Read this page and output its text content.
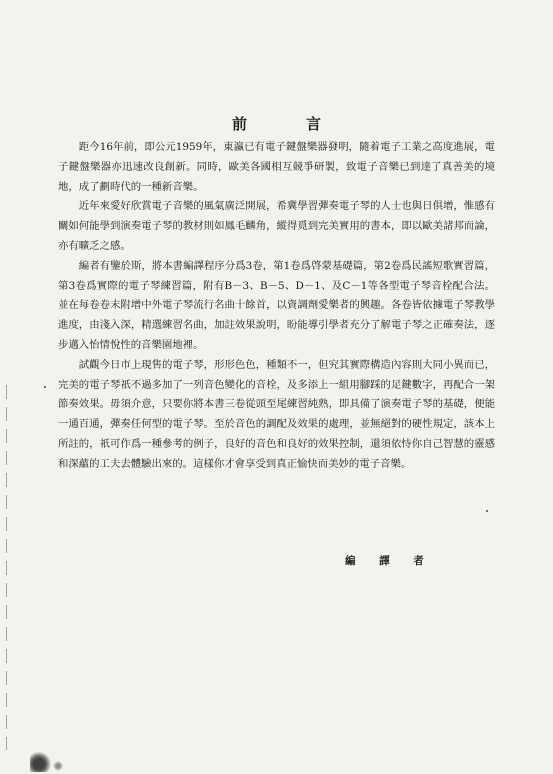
前　言

距今16年前，即公元1959年，東瀛已有電子鍵盤樂器發明，隨着電子工業之高度進展，電子鍵盤樂器亦迅速改良創新。同時，歐美各國相互競爭研製，致電子音樂已到達了真善美的境地，成了劃時代的一種新音樂。

近年來愛好欣賞電子音樂的風氣廣泛開展，希冀學習彈奏電子琴的人士也與日俱增，惟感有關如何能學到演奏電子琴的教材則如鳳毛麟角，縱得覓到完美實用的書本，即以歐美諸邦而論，亦有曠乏之感。

編者有鑒於斯，將本書編譯程序分爲3卷，第1卷爲啓蒙基礎篇，第2卷爲民謠短歌實習篇，第3卷爲實際的電子琴練習篇，附有B－3、B－5、D－1、及C－1等各型電子琴音栓配合法。並在每卷卷末附增中外電子琴流行名曲十餘首，以資調劑愛樂者的興趣。各卷皆依據電子琴教學進度，由淺入深，精選練習名曲，加註效果說明，盼能導引學者充分了解電子琴之正確奏法，逐步邁入怡情悅性的音樂園地裡。

試觀今日市上現售的電子琴，形形色色，種類不一，但究其實際構造內容則大同小異而已，完美的電子琴祇不過多加了一列音色變化的音栓，及多添上一組用腳踩的足鍵數字，再配合一架節奏效果。毋須介意，只要你將本書三卷從頭至尾練習純熟，即具備了演奏電子琴的基礎，便能一通百通，彈奏任何型的電子琴。至於音色的調配及效果的處理，並無絕對的硬性規定，該本上所註的，祇可作爲一種參考的例子，良好的音色和良好的效果控制，還須依恃你自己智慧的靈感和深蘊的工夫去體驗出來的。這樣你才會享受到真正愉快而美妙的電子音樂。

編 譯 者
